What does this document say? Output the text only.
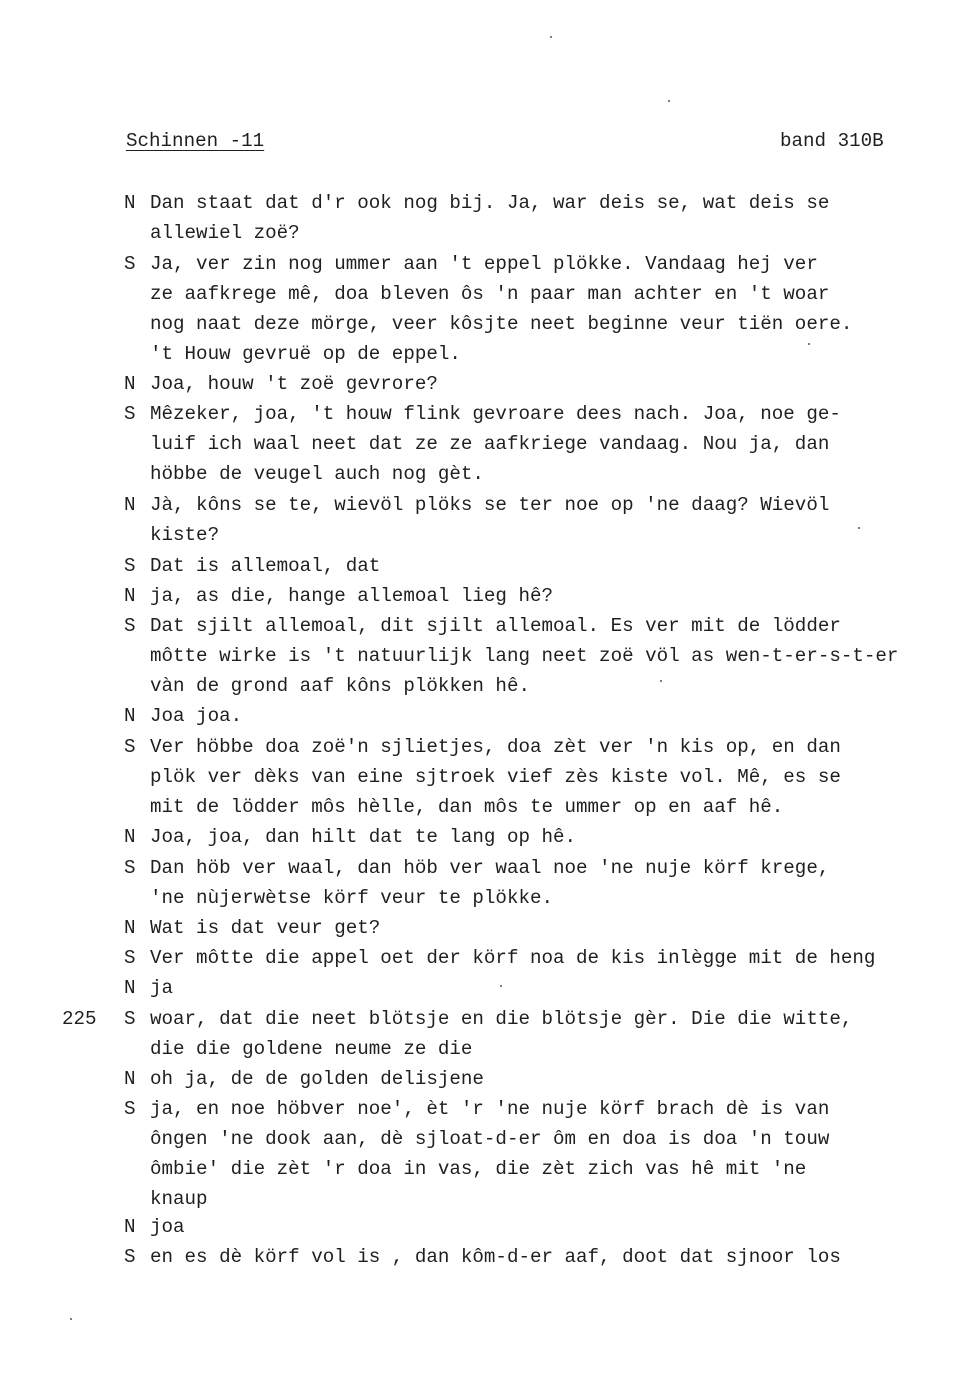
Schinnen -11	band 310B
225
N Dan staat dat d'r ook nog bij. Ja, war deis se, wat deis se
allewiel zoë?
S Ja, ver zin nog ummer aan 't eppel plökke. Vandaag hej ver
ze aafkrege mê, doa bleven ôs 'n paar man achter en 't woar
nog naat deze mörge, veer kôsjte neet beginne veur tiën oere.
't Houw gevruë op de eppel.
N Joa, houw 't zoë gevrore?
S Mêzeker, joa, 't houw flink gevroare dees nach. Joa, noe ge-
luif ich waal neet dat ze ze aafkriege vandaag. Nou ja, dan
höbbe de veugel auch nog gèt.
N Jà, kôns se te, wievöl plöks se ter noe op 'ne daag? Wievöl
kiste?
S Dat is allemoal, dat
N ja, as die, hange allemoal lieg hê?
S Dat sjilt allemoal, dit sjilt allemoal. Es ver mit de lödder
môtte wirke is 't natuurlijk lang neet zoë völ as wen-t-er-s-t-er
vàn de grond aaf kôns plökken hê.
N Joa joa.
S Ver höbbe doa zoë'n sjlietjes, doa zèt ver 'n kis op, en dan
plök ver dèks van eine sjtroek vief zès kiste vol. Mê, es se
mit de lödder môs hèlle, dan môs te ummer op en aaf hê.
N Joa, joa, dan hilt dat te lang op hê.
S Dan höb ver waal, dan höb ver waal noe 'ne nuje körf krege,
'ne nùjerwètse körf veur te plökke.
N Wat is dat veur get?
S Ver môtte die appel oet der körf noa de kis inlègge mit de heng
N ja
S woar, dat die neet blötsje en die blötsje gèr. Die die witte,
die die goldene neume ze die
N oh ja, de de golden delisjene
S ja, en noe höbver noe', èt 'r 'ne nuje körf brach dè is van
ôngen 'ne dook aan, dè sjloat-d-er ôm en doa is doa 'n touw
ômbie' die zèt 'r doa in vas, die zèt zich vas hê mit 'ne
knaup
N joa
S en es dè körf vol is , dan kôm-d-er aaf, doot dat sjnoor los
